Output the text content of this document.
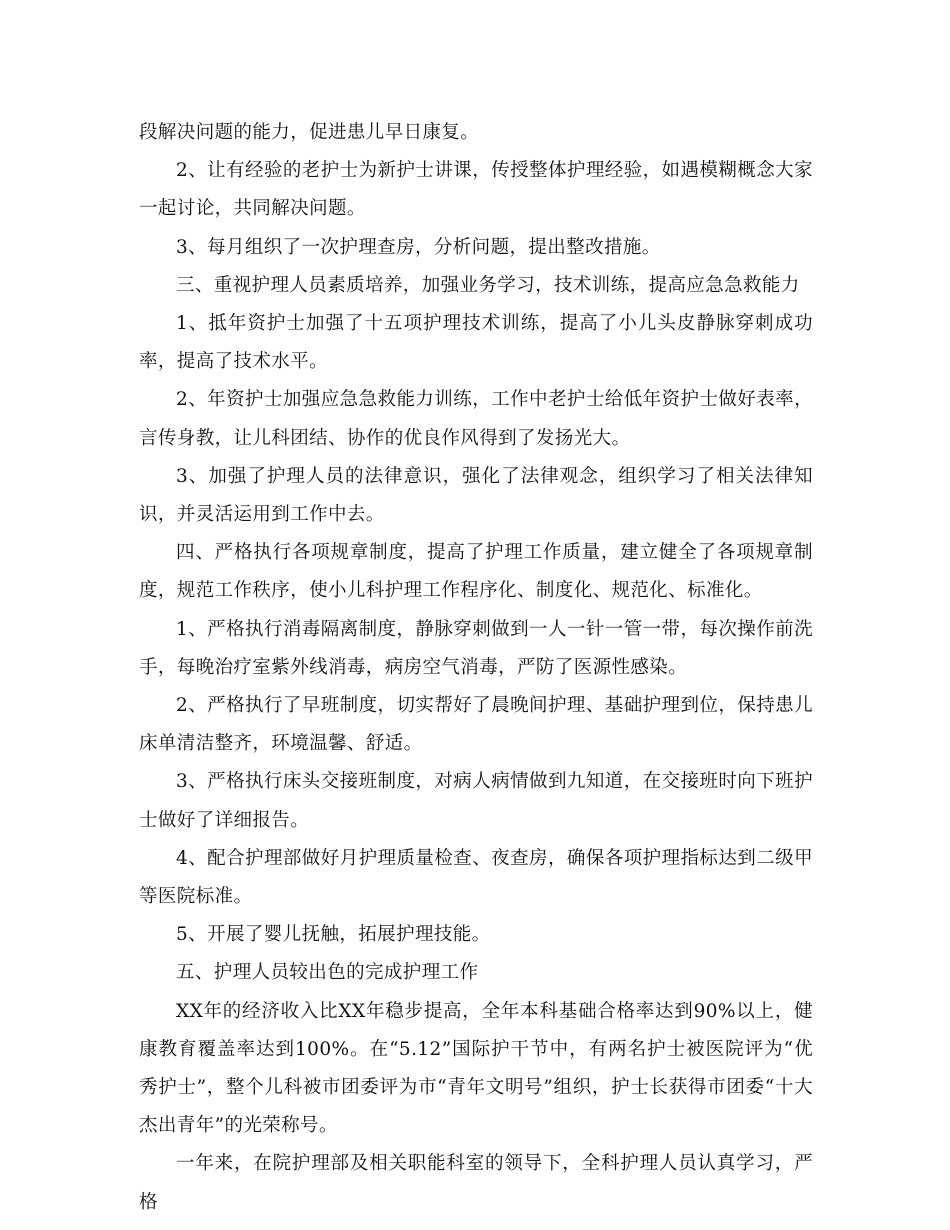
段解决问题的能力，促进患儿早日康复。

2、让有经验的老护士为新护士讲课，传授整体护理经验，如遇模糊概念大家一起讨论，共同解决问题。

3、每月组织了一次护理查房，分析问题，提出整改措施。

三、重视护理人员素质培养，加强业务学习，技术训练，提高应急急救能力

1、抵年资护士加强了十五项护理技术训练，提高了小儿头皮静脉穿刺成功率，提高了技术水平。

2、年资护士加强应急急救能力训练，工作中老护士给低年资护士做好表率，言传身教，让儿科团结、协作的优良作风得到了发扬光大。

3、加强了护理人员的法律意识，强化了法律观念，组织学习了相关法律知识，并灵活运用到工作中去。

四、严格执行各项规章制度，提高了护理工作质量，建立健全了各项规章制度，规范工作秩序，使小儿科护理工作程序化、制度化、规范化、标准化。

1、严格执行消毒隔离制度，静脉穿刺做到一人一针一管一带，每次操作前洗手，每晚治疗室紫外线消毒，病房空气消毒，严防了医源性感染。

2、严格执行了早班制度，切实帮好了晨晚间护理、基础护理到位，保持患儿床单清洁整齐，环境温馨、舒适。

3、严格执行床头交接班制度，对病人病情做到九知道，在交接班时向下班护士做好了详细报告。

4、配合护理部做好月护理质量检查、夜查房，确保各项护理指标达到二级甲等医院标准。

5、开展了婴儿抚触，拓展护理技能。

五、护理人员较出色的完成护理工作

XX年的经济收入比XX年稳步提高，全年本科基础合格率达到90%以上，健康教育覆盖率达到100%。在“5.12”国际护干节中，有两名护士被医院评为“优秀护士”，整个儿科被市团委评为市“青年文明号”组织，护士长获得市团委“十大杰出青年”的光荣称号。

一年来，在院护理部及相关职能科室的领导下，全科护理人员认真学习，严格
